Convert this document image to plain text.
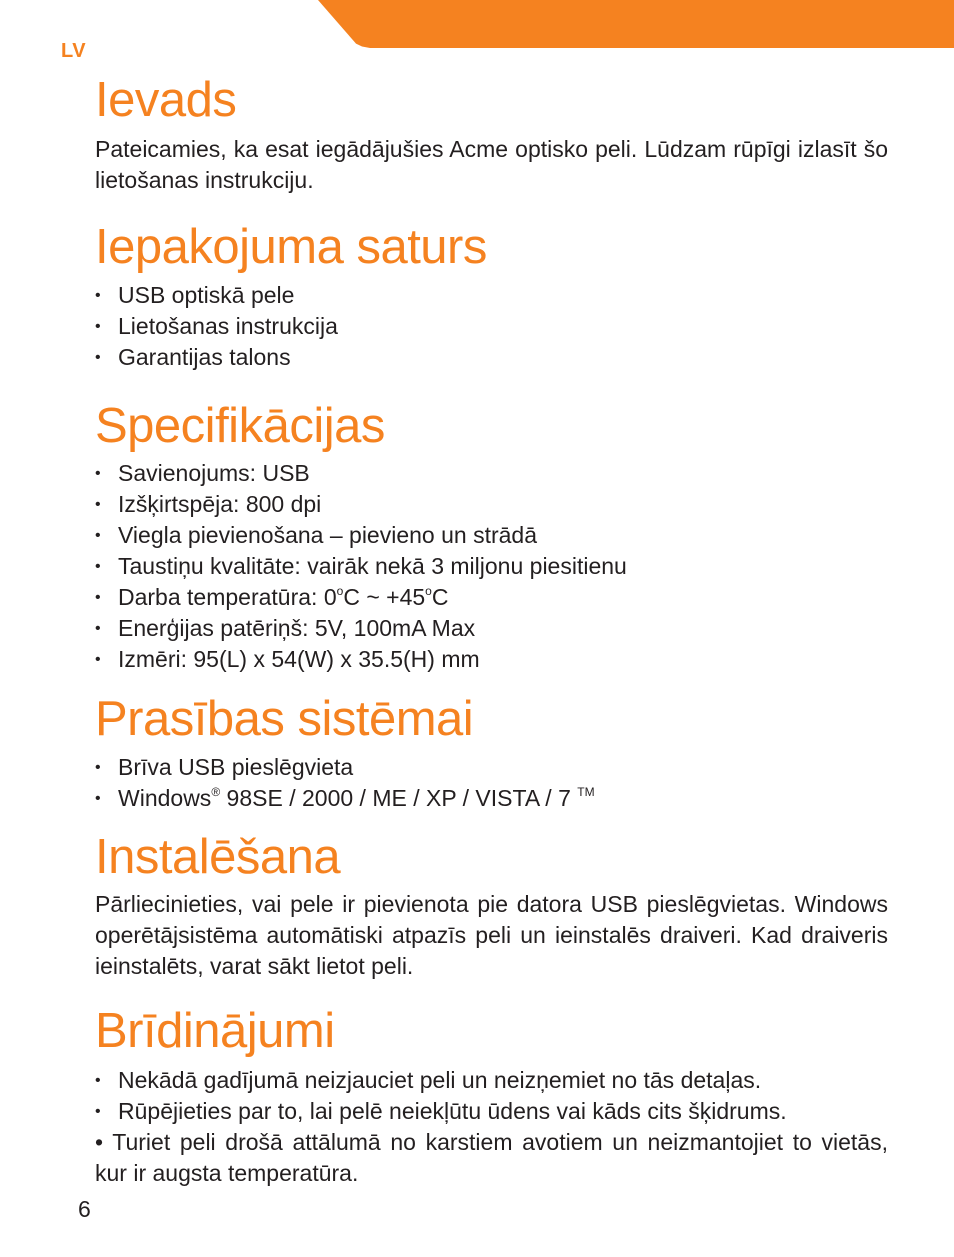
LV
Ievads

Pateicamies, ka esat iegādājušies Acme optisko peli. Lūdzam rūpīgi izlasīt šo lietošanas instrukciju.

Iepakojuma saturs
• USB optiskā pele
• Lietošanas instrukcija
• Garantijas talons
Specifikācijas
• Savienojums: USB
• Izšķirtspēja: 800 dpi
• Viegla pievienošana – pievieno un strādā
• Taustiņu kvalitāte: vairāk nekā 3 miljonu piesitienu
• Darba temperatūra: 0$^o$C ~ $+45^oC$
• Enerģijas patēriņš: 5V, 100mA Max
• Izmēri: 95(L) x 54(W) x 35.5(H) mm
Prasības sistēmai
• Brīva USB pieslēgvieta
• Windows® 98SE / 2000 / ME / XP / VISTA / 7 ™
Instalēšana

Pārliecinieties, vai pele ir pievienota pie datora USB pieslēgvietas. Windows operētājsistēma automātiski atpazīs peli un ieinstalēs draiveri. Kad draiveris ieinstalēts, varat sākt lietot peli.

Brīdinājumi
• Nekādā gadījumā neizjauciet peli un neizņemiet no tās detaļas.
• Rūpējieties par to, lai pelē neiekļūtu ūdens vai kāds cits šķidrums.
• Turiet peli drošā attālumā no karstiem avotiem un neizmantojiet to vietās, kur ir augsta temperatūra.
6
